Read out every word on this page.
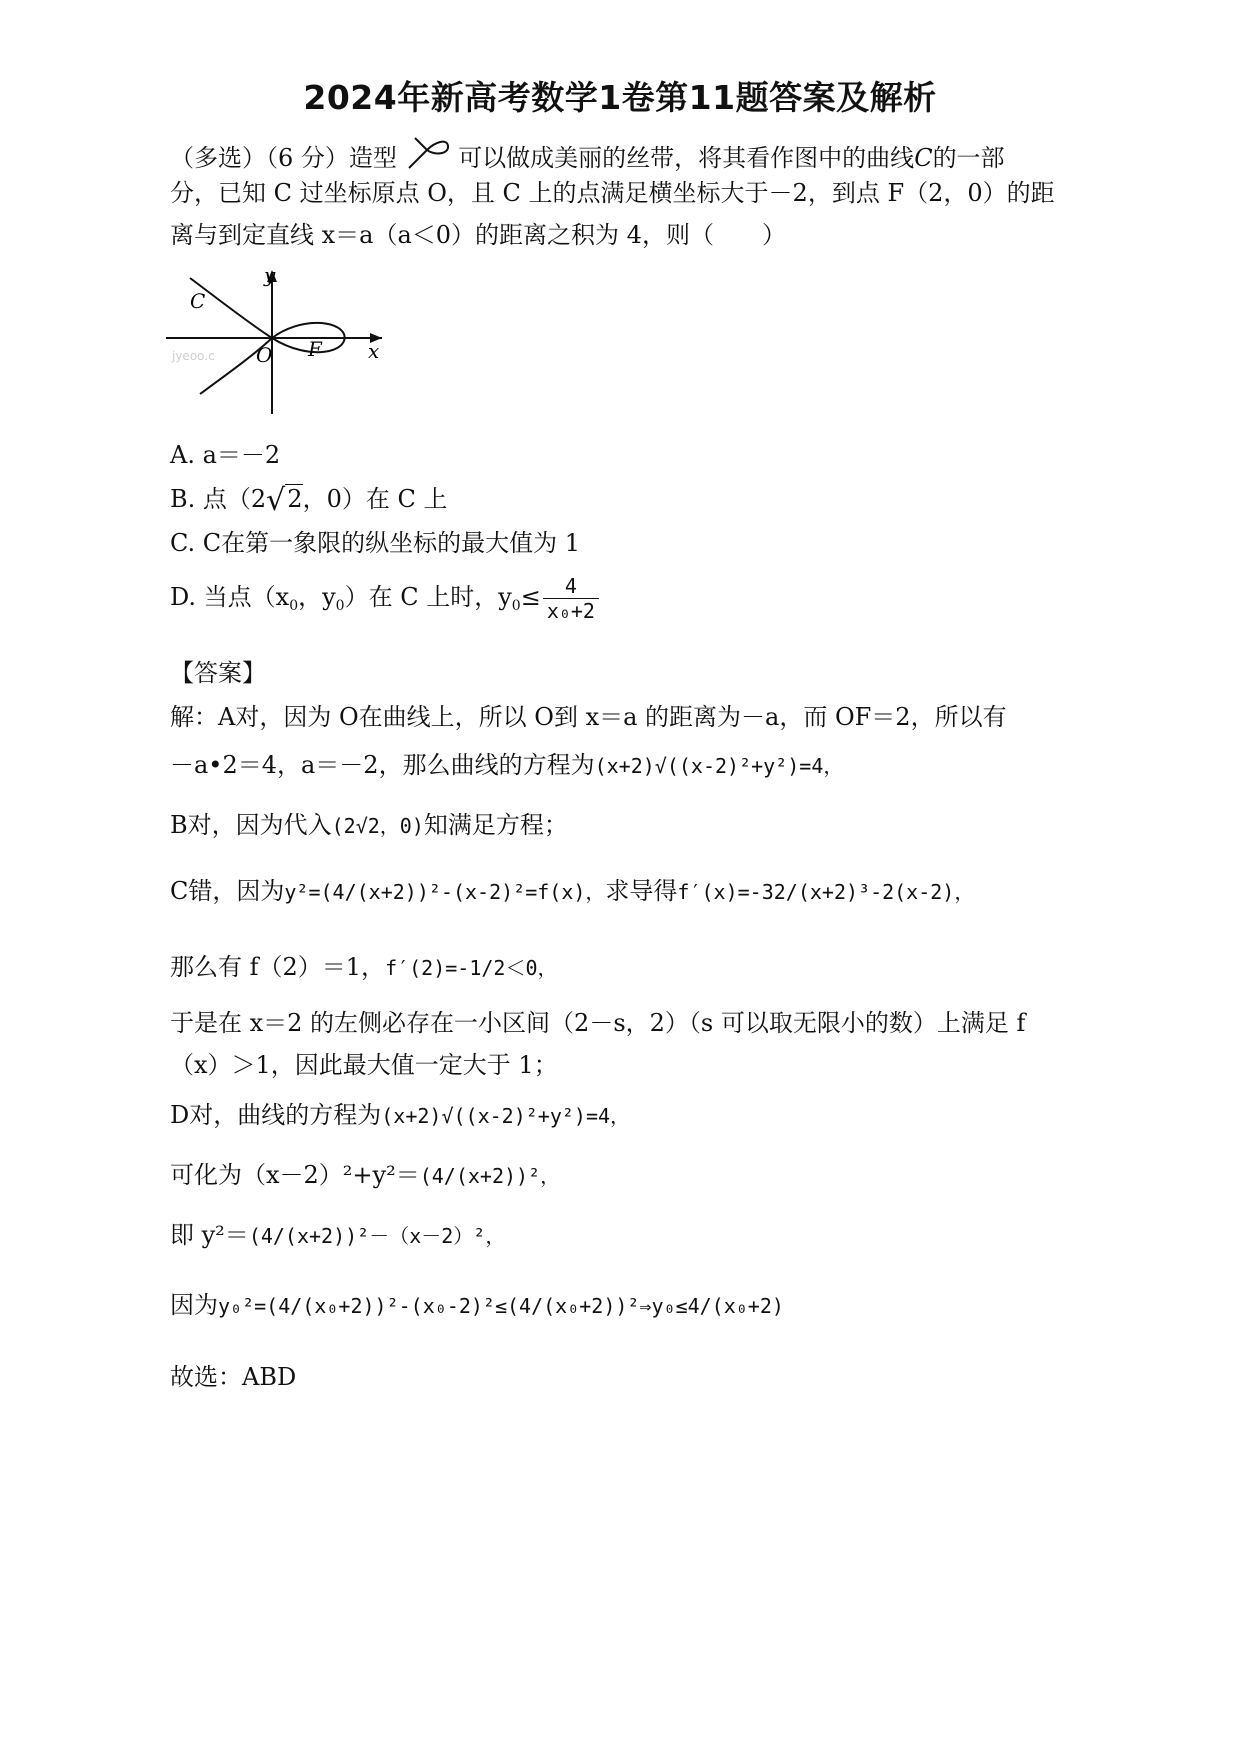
2024年新高考数学1卷第11题答案及解析
（多选）（6 分）造型	可以做成美丽的丝带，将其看作图中的曲线C的一部
分，已知 C 过坐标原点 O，且 C 上的点满足横坐标大于－2，到点 F（2，0）的距
离与到定直线 x＝a（a＜0）的距离之积为 4，则（　　）
y
x
C
O F
jyeoo.c
A. a＝－2
B. 点（2√2，0）在 C 上
C. C在第一象限的纵坐标的最大值为 1
D. 当点（$x_0$，$y_0$）在 C 上时，$y_0\le \frac{4}{\text{x₀+2}}$
【答案】
解：A对，因为 O在曲线上，所以 O到 x＝a 的距离为－a，而 OF＝2，所以有
－a•2＝4，a＝－2，那么曲线的方程为(x+2)√((x-2)²+y²)=4，
B对，因为代入(2√2，0)知满足方程；
C错，因为y²=(4/(x+2))²-(x-2)²=f(x)，求导得f′(x)=-32/(x+2)³-2(x-2)，
那么有 f（2）＝1，f′(2)=-1/2＜0，
于是在 x＝2 的左侧必存在一小区间（2－s，2）（s 可以取无限小的数）上满足 f
（x）＞1，因此最大值一定大于 1；
D对，曲线的方程为(x+2)√((x-2)²+y²)=4，
可化为（x－2）²+y²＝(4/(x+2))²，
即 y²＝(4/(x+2))²－（x－2）²，
因为y₀²=(4/(x₀+2))²-(x₀-2)²≤(4/(x₀+2))²⇒y₀≤4/(x₀+2)
故选：ABD
